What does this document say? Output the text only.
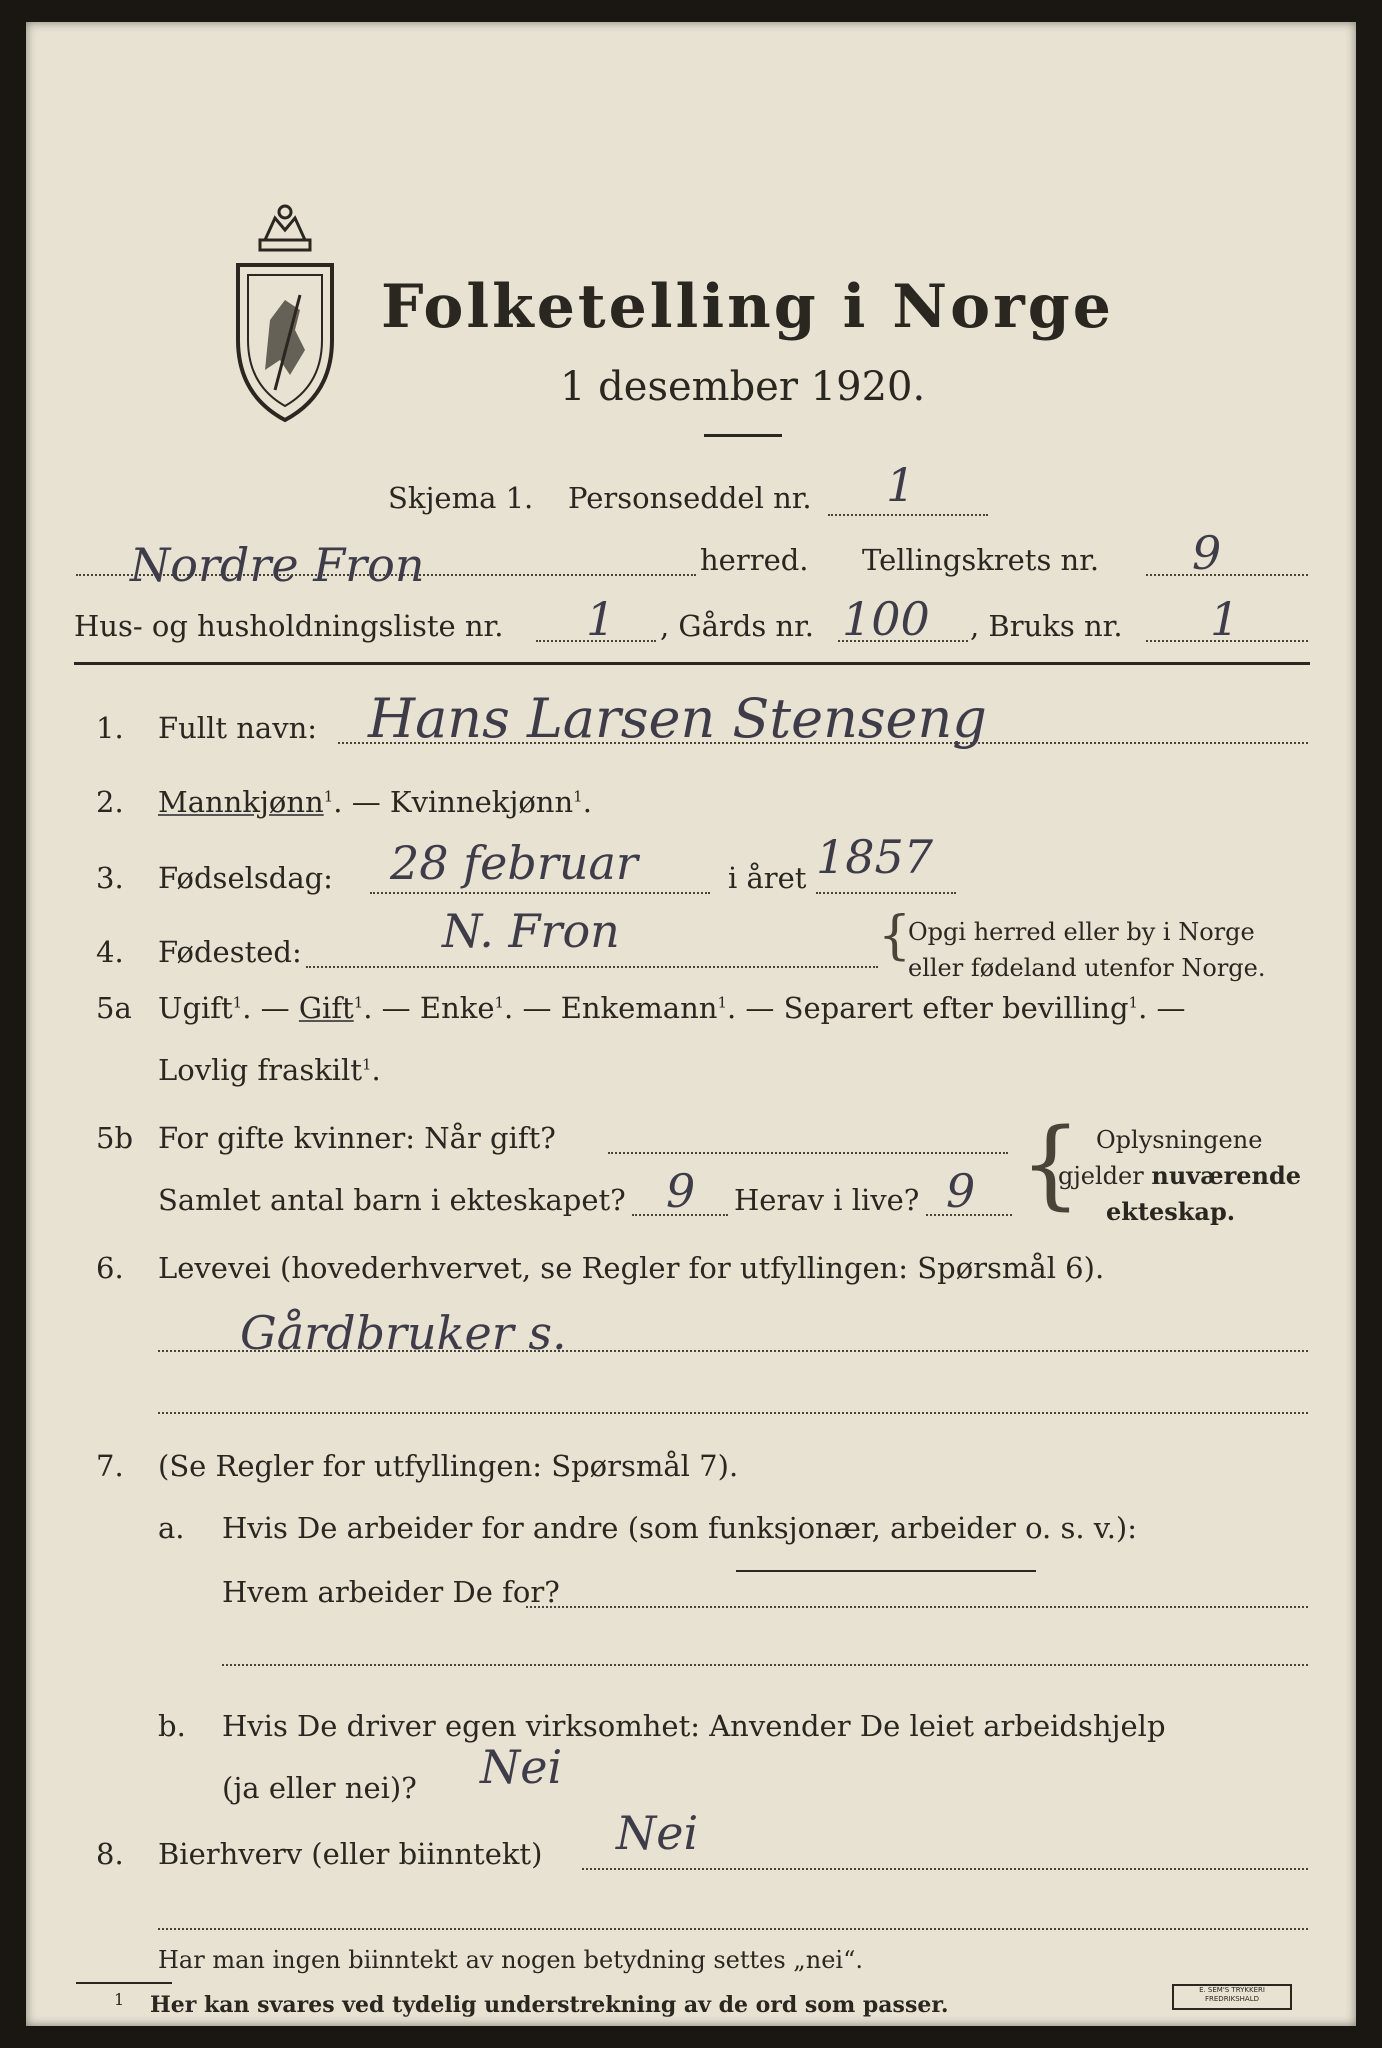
Folketelling i Norge
1 desember 1920.
Skjema 1. Personseddel nr. 1
Nordre Fron	herred. Tellingskrets nr. 9
Hus- og husholdningsliste nr. 1 , Gårds nr. 100 , Bruks nr. 1
1. Fullt navn: Hans Larsen Stenseng
2. Mannkjønn$^1$. — Kvinnekjønn$^1$.
3. Fødselsdag: 28 februar	i året 1857
4. Fødested:	N. Fron	{
Opgi herred eller by i Norge
eller fødeland utenfor Norge.
5a Ugift$^1$. — Gift$^1$. — Enke$^1$. — Enkemann$^1$. — Separert efter bevilling$^1$. —
Lovlig fraskilt$^1$.
5b For gifte kvinner: Når gift?
Samlet antal barn i ekteskapet? 9 Herav i live? 9 { Oplysningene
gjelder nuværende
ekteskap.
6. Levevei (hovederhvervet, se Regler for utfyllingen: Spørsmål 6).
Gårdbruker s.
7. (Se Regler for utfyllingen: Spørsmål 7).
a. Hvis De arbeider for andre (som funksjonær, arbeider o. s. v.):
Hvem arbeider De for?
b. Hvis De driver egen virksomhet: Anvender De leiet arbeidshjelp
(ja eller nei)? Nei
8. Bierhverv (eller biinntekt) Nei
Har man ingen biinntekt av nogen betydning settes „nei“.
1 Her kan svares ved tydelig understrekning av de ord som passer.
E. SEM'S TRYKKERI FREDRIKSHALD
